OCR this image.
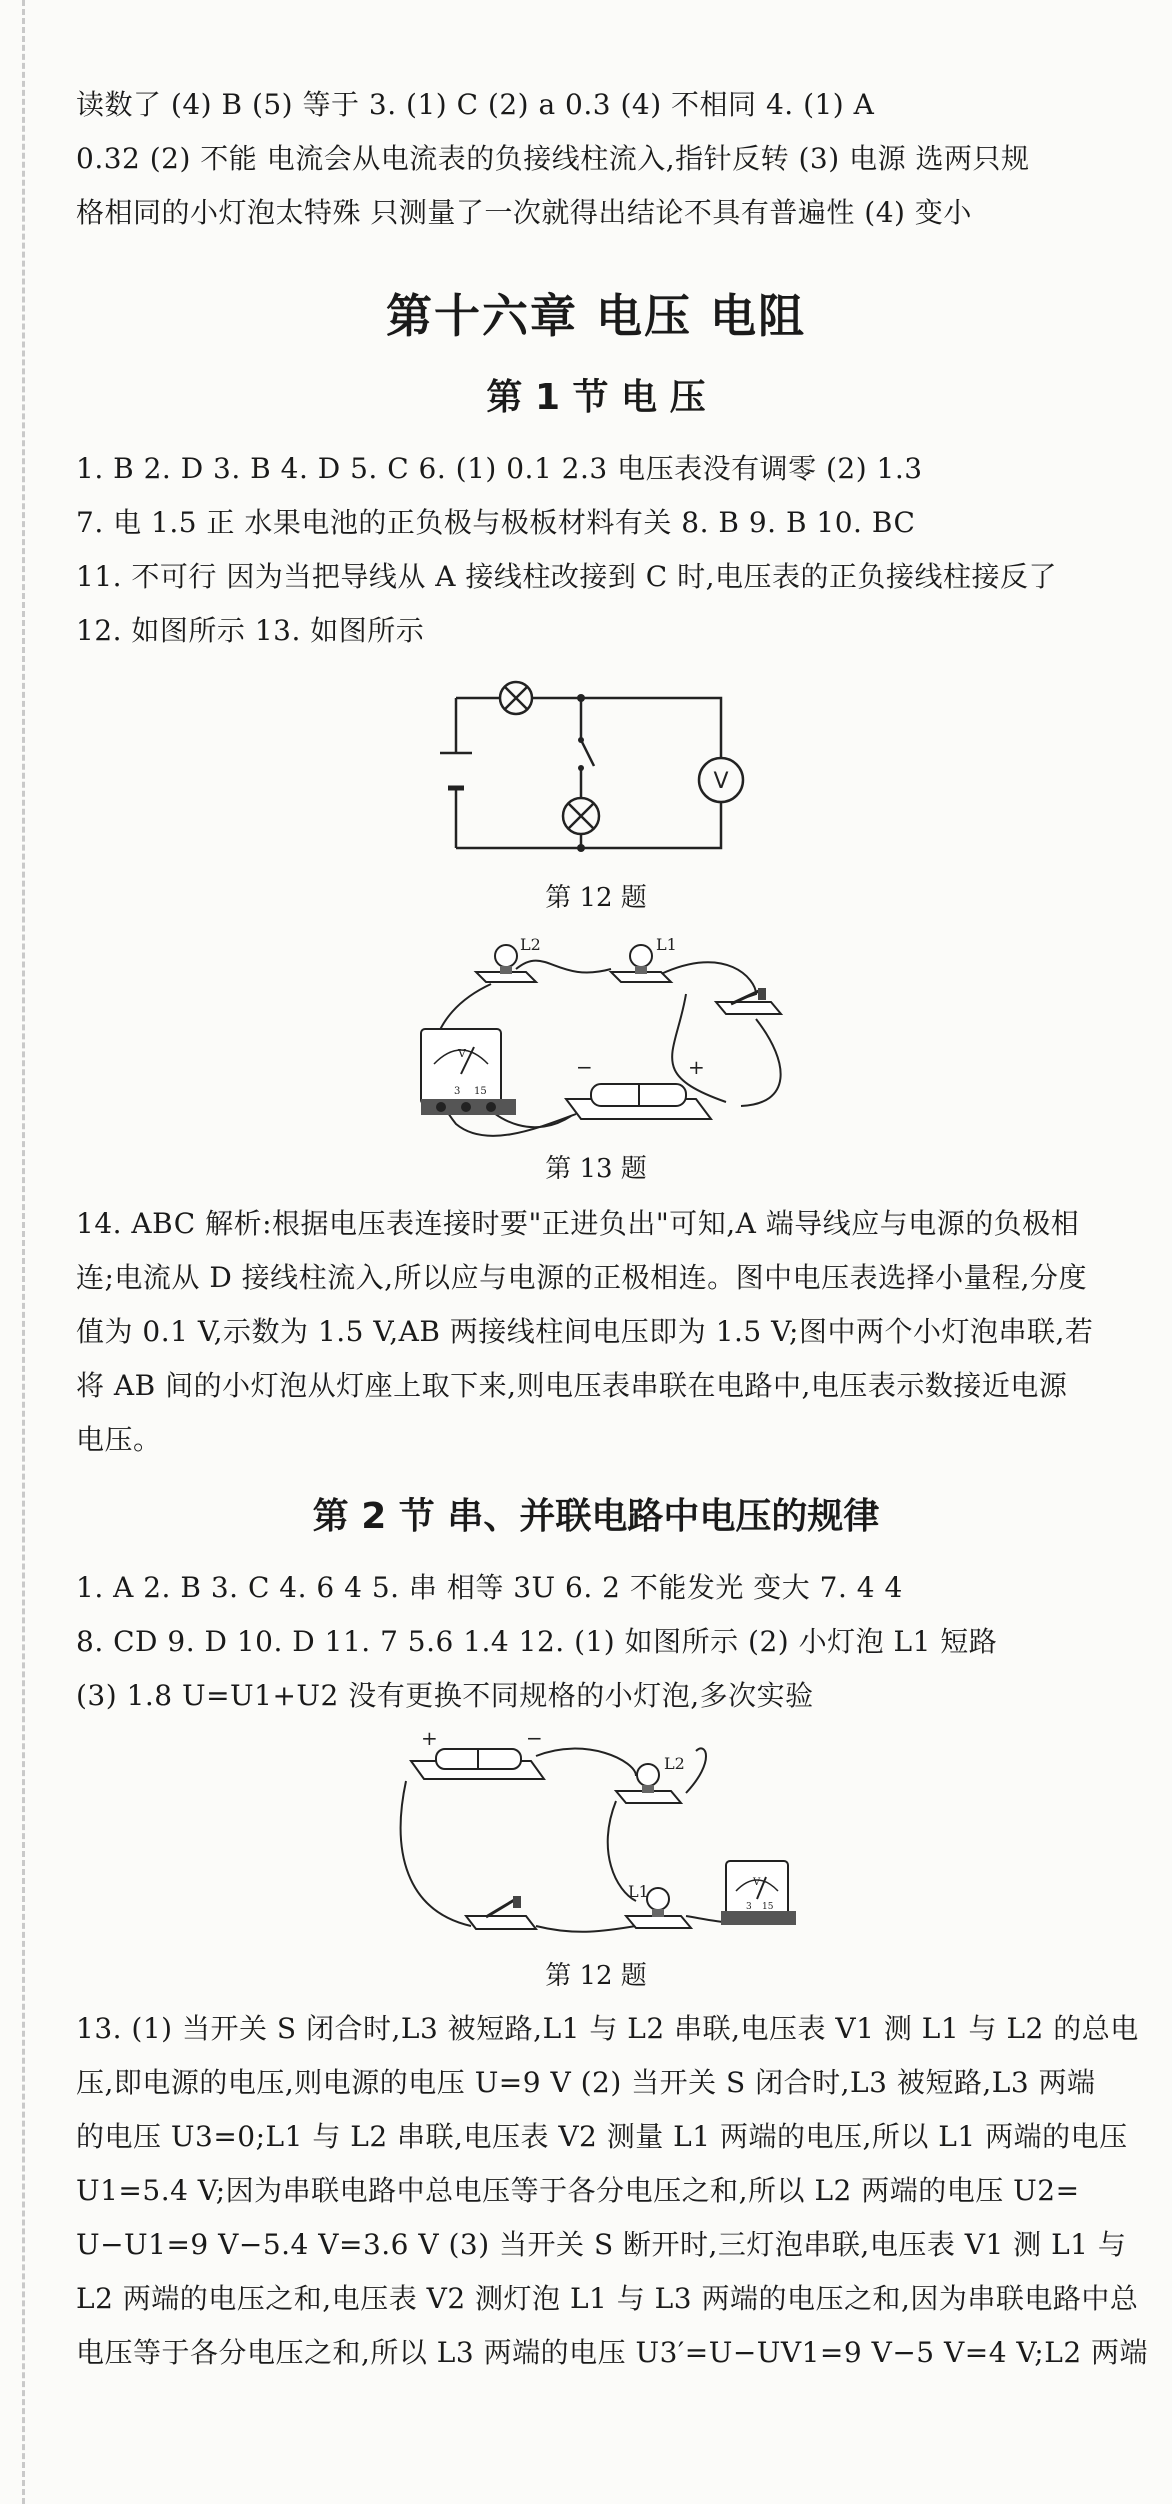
读数了 (4) B (5) 等于 3. (1) C (2) a 0.3 (4) 不相同 4. (1) A

0.32 (2) 不能 电流会从电流表的负接线柱流入,指针反转 (3) 电源 选两只规

格相同的小灯泡太特殊 只测量了一次就得出结论不具有普遍性 (4) 变小

第十六章 电压 电阻
第 1 节 电 压

1. B 2. D 3. B 4. D 5. C 6. (1) 0.1 2.3 电压表没有调零 (2) 1.3

7. 电 1.5 正 水果电池的正负极与极板材料有关 8. B 9. B 10. BC

11. 不可行 因为当把导线从 A 接线柱改接到 C 时,电压表的正负接线柱接反了

12. 如图所示 13. 如图所示

V

第 12 题

L2	L1
V
3 15
−	+

第 13 题

14. ABC 解析:根据电压表连接时要"正进负出"可知,A 端导线应与电源的负极相

连;电流从 D 接线柱流入,所以应与电源的正极相连。图中电压表选择小量程,分度

值为 0.1 V,示数为 1.5 V,AB 两接线柱间电压即为 1.5 V;图中两个小灯泡串联,若

将 AB 间的小灯泡从灯座上取下来,则电压表串联在电路中,电压表示数接近电源

电压。

第 2 节 串、并联电路中电压的规律

1. A 2. B 3. C 4. 6 4 5. 串 相等 3U 6. 2 不能发光 变大 7. 4 4

8. CD 9. D 10. D 11. 7 5.6 1.4 12. (1) 如图所示 (2) 小灯泡 L1 短路

(3) 1.8 U=U1+U2 没有更换不同规格的小灯泡,多次实验

+	−
L2
L1	V
3 15

第 12 题

13. (1) 当开关 S 闭合时,L3 被短路,L1 与 L2 串联,电压表 V1 测 L1 与 L2 的总电

压,即电源的电压,则电源的电压 U=9 V (2) 当开关 S 闭合时,L3 被短路,L3 两端

的电压 U3=0;L1 与 L2 串联,电压表 V2 测量 L1 两端的电压,所以 L1 两端的电压

U1=5.4 V;因为串联电路中总电压等于各分电压之和,所以 L2 两端的电压 U2=

U−U1=9 V−5.4 V=3.6 V (3) 当开关 S 断开时,三灯泡串联,电压表 V1 测 L1 与

L2 两端的电压之和,电压表 V2 测灯泡 L1 与 L3 两端的电压之和,因为串联电路中总

电压等于各分电压之和,所以 L3 两端的电压 U3′=U−UV1=9 V−5 V=4 V;L2 两端
